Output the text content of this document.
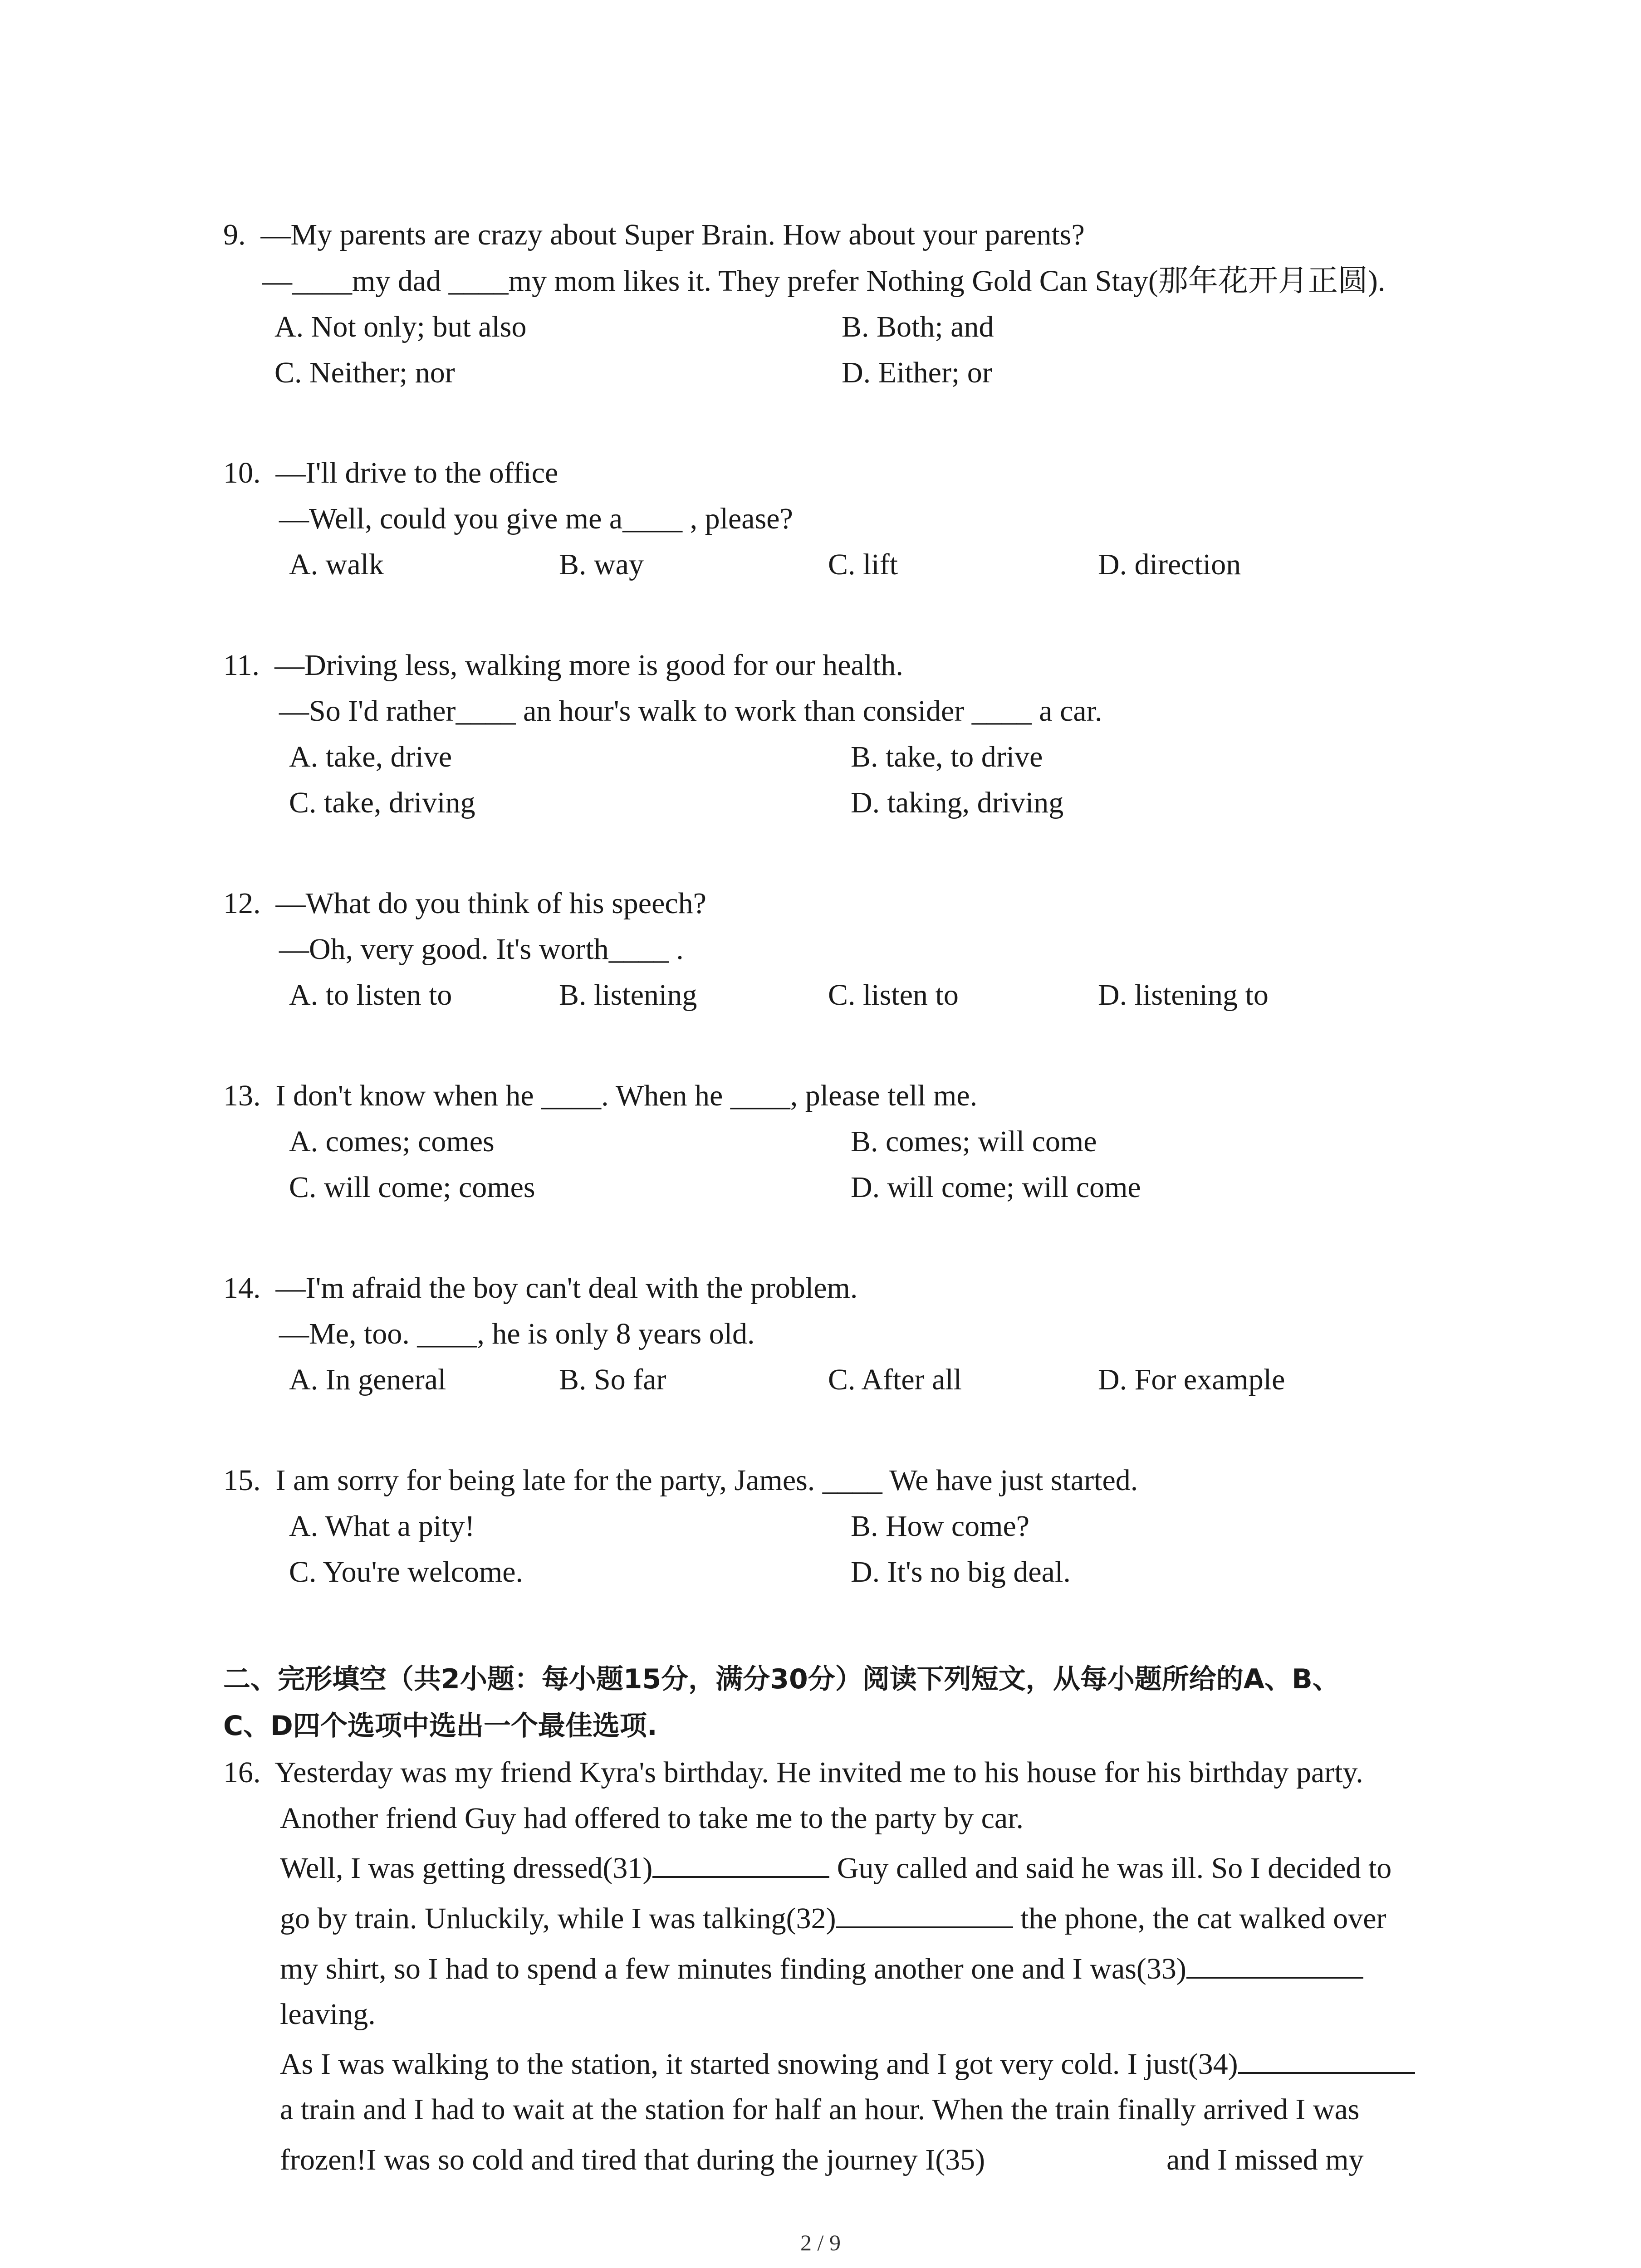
9. —My parents are crazy about Super Brain. How about your parents?
—____my dad ____my mom likes it. They prefer Nothing Gold Can Stay(那年花开月正圆).
A. Not only; but also	B. Both; and
C. Neither; nor	D. Either; or
10. —I'll drive to the office
—Well, could you give me a____ , please?
A. walk	B. way	C. lift	D. direction
11. —Driving less, walking more is good for our health.
—So I'd rather____ an hour's walk to work than consider ____ a car.
A. take, drive	B. take, to drive
C. take, driving	D. taking, driving
12. —What do you think of his speech?
—Oh, very good. It's worth____ .
A. to listen to	B. listening	C. listen to	D. listening to
13. I don't know when he ____. When he ____, please tell me.
A. comes; comes	B. comes; will come
C. will come; comes	D. will come; will come
14. —I'm afraid the boy can't deal with the problem.
—Me, too. ____, he is only 8 years old.
A. In general	B. So far	C. After all	D. For example
15. I am sorry for being late for the party, James. ____ We have just started.
A. What a pity!	B. How come?
C. You're welcome.	D. It's no big deal.
二、完形填空（共2小题：每小题15分，满分30分）阅读下列短文，从每小题所给的A、B、
C、D四个选项中选出一个最佳选项.
16. Yesterday was my friend Kyra's birthday. He invited me to his house for his birthday party.
Another friend Guy had offered to take me to the party by car.
Well, I was getting dressed(31)	Guy called and said he was ill. So I decided to
go by train. Unluckily, while I was talking(32)	the phone, the cat walked over
my shirt, so I had to spend a few minutes finding another one and I was(33)
leaving.
As I was walking to the station, it started snowing and I got very cold. I just(34)
a train and I had to wait at the station for half an hour. When the train finally arrived I was
frozen!I was so cold and tired that during the journey I(35)	and I missed my
2 / 9
